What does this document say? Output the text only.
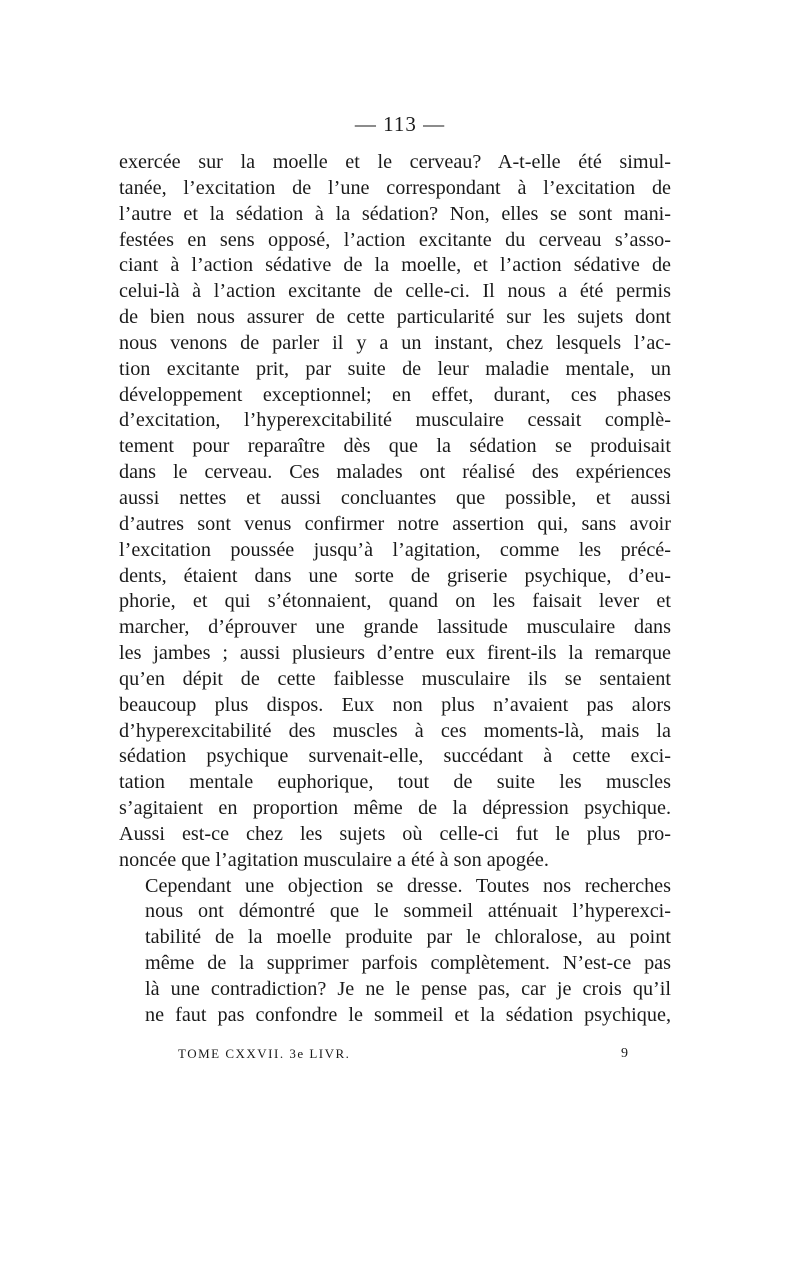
— 113 —
exercée sur la moelle et le cerveau? A-t-elle été simul-
tanée, l’excitation de l’une correspondant à l’excitation de
l’autre et la sédation à la sédation? Non, elles se sont mani-
festées en sens opposé, l’action excitante du cerveau s’asso-
ciant à l’action sédative de la moelle, et l’action sédative de
celui-là à l’action excitante de celle-ci. Il nous a été permis
de bien nous assurer de cette particularité sur les sujets dont
nous venons de parler il y a un instant, chez lesquels l’ac-
tion excitante prit, par suite de leur maladie mentale, un
développement exceptionnel; en effet, durant, ces phases
d’excitation, l’hyperexcitabilité musculaire cessait complè-
tement pour reparaître dès que la sédation se produisait
dans le cerveau. Ces malades ont réalisé des expériences
aussi nettes et aussi concluantes que possible, et aussi
d’autres sont venus confirmer notre assertion qui, sans avoir
l’excitation poussée jusqu’à l’agitation, comme les précé-
dents, étaient dans une sorte de griserie psychique, d’eu-
phorie, et qui s’étonnaient, quand on les faisait lever et
marcher, d’éprouver une grande lassitude musculaire dans
les jambes ; aussi plusieurs d’entre eux firent-ils la remarque
qu’en dépit de cette faiblesse musculaire ils se sentaient
beaucoup plus dispos. Eux non plus n’avaient pas alors
d’hyperexcitabilité des muscles à ces moments-là, mais la
sédation psychique survenait-elle, succédant à cette exci-
tation mentale euphorique, tout de suite les muscles
s’agitaient en proportion même de la dépression psychique.
Aussi est-ce chez les sujets où celle-ci fut le plus pro-
noncée que l’agitation musculaire a été à son apogée.
Cependant une objection se dresse. Toutes nos recherches
nous ont démontré que le sommeil atténuait l’hyperexci-
tabilité de la moelle produite par le chloralose, au point
même de la supprimer parfois complètement. N’est-ce pas
là une contradiction? Je ne le pense pas, car je crois qu’il
ne faut pas confondre le sommeil et la sédation psychique,
TOME CXXVII. 3e LIVR.	9
